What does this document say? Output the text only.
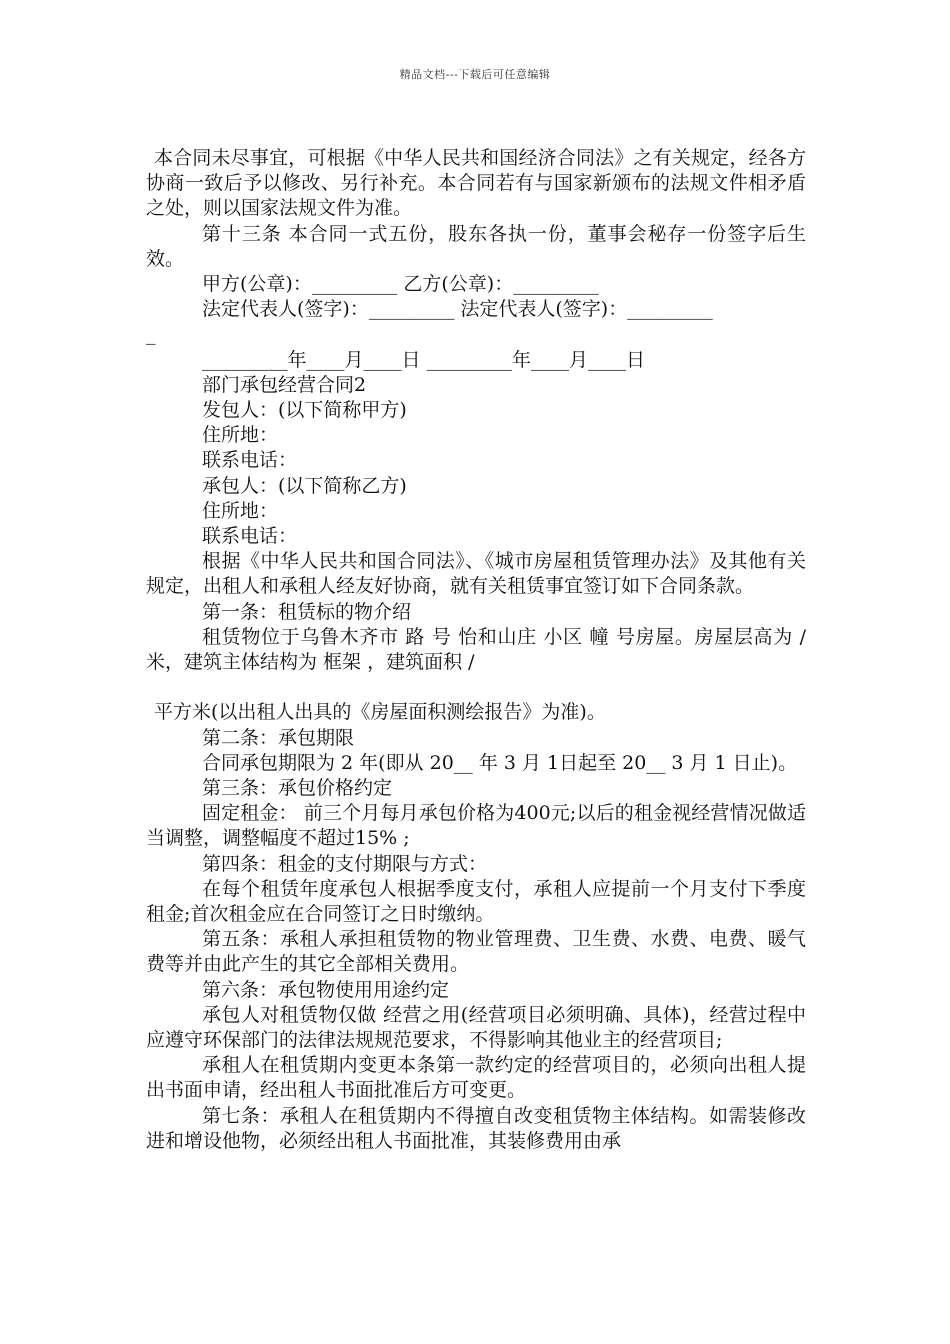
精品文档---下载后可任意编辑

本合同未尽事宜，可根据《中华人民共和国经济合同法》之有关规定，经各方协商一致后予以修改、另行补充。本合同若有与国家新颁布的法规文件相矛盾之处，则以国家法规文件为准。

第十三条 本合同一式五份，股东各执一份，董事会秘存一份签字后生效。

甲方(公章)：_________ 乙方(公章)：_________

法定代表人(签字)：_________ 法定代表人(签字)：_________

_

_________年____月____日 _________年____月____日

部门承包经营合同2

发包人：(以下简称甲方)

住所地：

联系电话：

承包人：(以下简称乙方)

住所地：

联系电话：

根据《中华人民共和国合同法》、《城市房屋租赁管理办法》及其他有关规定，出租人和承租人经友好协商，就有关租赁事宜签订如下合同条款。

第一条：租赁标的物介绍

租赁物位于乌鲁木齐市 路 号 怡和山庄 小区 幢 号房屋。房屋层高为 / 米，建筑主体结构为 框架 ，建筑面积 /

平方米(以出租人出具的《房屋面积测绘报告》为准)。

第二条：承包期限

合同承包期限为 2 年(即从 20__ 年 3 月 1日起至 20__ 3 月 1 日止)。

第三条：承包价格约定

固定租金： 前三个月每月承包价格为400元;以后的租金视经营情况做适当调整，调整幅度不超过15% ;

第四条：租金的支付期限与方式：

在每个租赁年度承包人根据季度支付，承租人应提前一个月支付下季度租金;首次租金应在合同签订之日时缴纳。

第五条：承租人承担租赁物的物业管理费、卫生费、水费、电费、暖气费等并由此产生的其它全部相关费用。

第六条：承包物使用用途约定

承包人对租赁物仅做 经营之用(经营项目必须明确、具体)，经营过程中应遵守环保部门的法律法规规范要求，不得影响其他业主的经营项目;

承租人在租赁期内变更本条第一款约定的经营项目的，必须向出租人提出书面申请，经出租人书面批准后方可变更。

第七条：承租人在租赁期内不得擅自改变租赁物主体结构。如需装修改进和增设他物，必须经出租人书面批准，其装修费用由承
